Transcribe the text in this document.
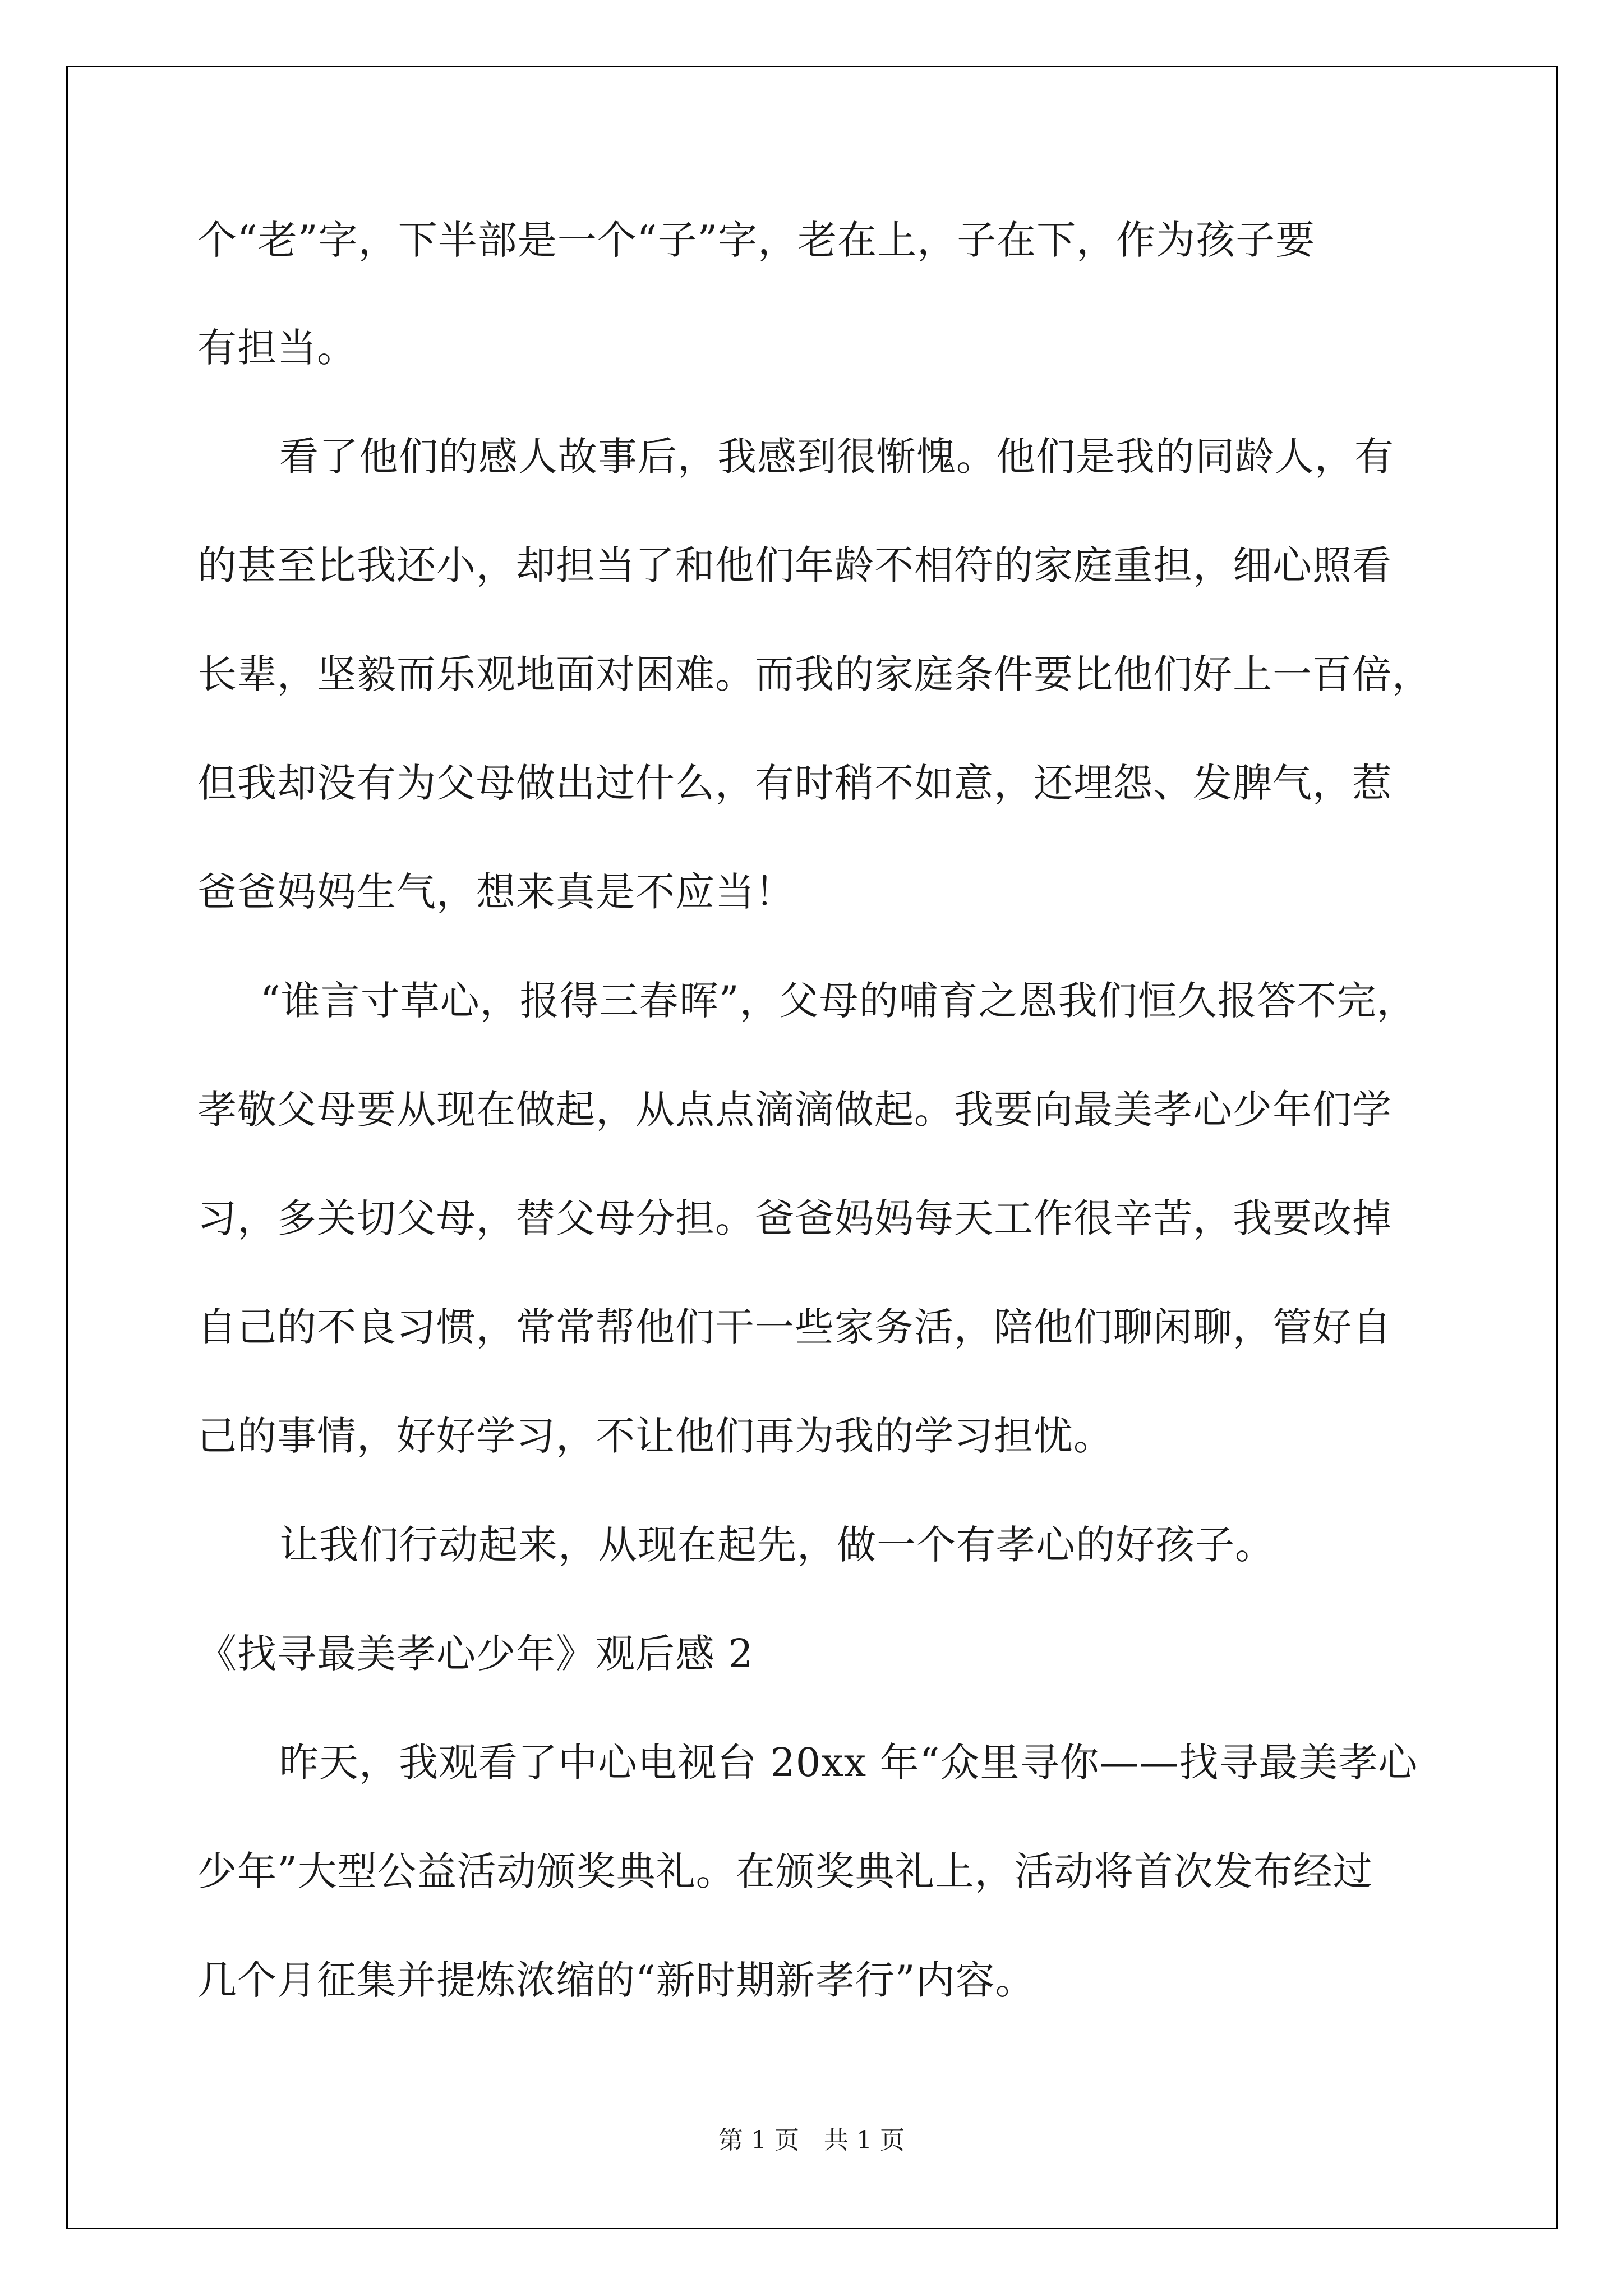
个“老”字，下半部是一个“子”字，老在上，子在下，作为孩子要
有担当。
看了他们的感人故事后，我感到很惭愧。他们是我的同龄人，有
的甚至比我还小，却担当了和他们年龄不相符的家庭重担，细心照看
长辈，坚毅而乐观地面对困难。而我的家庭条件要比他们好上一百倍，
但我却没有为父母做出过什么，有时稍不如意，还埋怨、发脾气，惹
爸爸妈妈生气，想来真是不应当！
“谁言寸草心，报得三春晖”，父母的哺育之恩我们恒久报答不完，
孝敬父母要从现在做起，从点点滴滴做起。我要向最美孝心少年们学
习，多关切父母，替父母分担。爸爸妈妈每天工作很辛苦，我要改掉
自己的不良习惯，常常帮他们干一些家务活，陪他们聊闲聊，管好自
己的事情，好好学习，不让他们再为我的学习担忧。
让我们行动起来，从现在起先，做一个有孝心的好孩子。
《找寻最美孝心少年》观后感 2
昨天，我观看了中心电视台 20xx 年“众里寻你——找寻最美孝心
少年”大型公益活动颁奖典礼。在颁奖典礼上，活动将首次发布经过
几个月征集并提炼浓缩的“新时期新孝行”内容。
第 1 页 共 1 页
